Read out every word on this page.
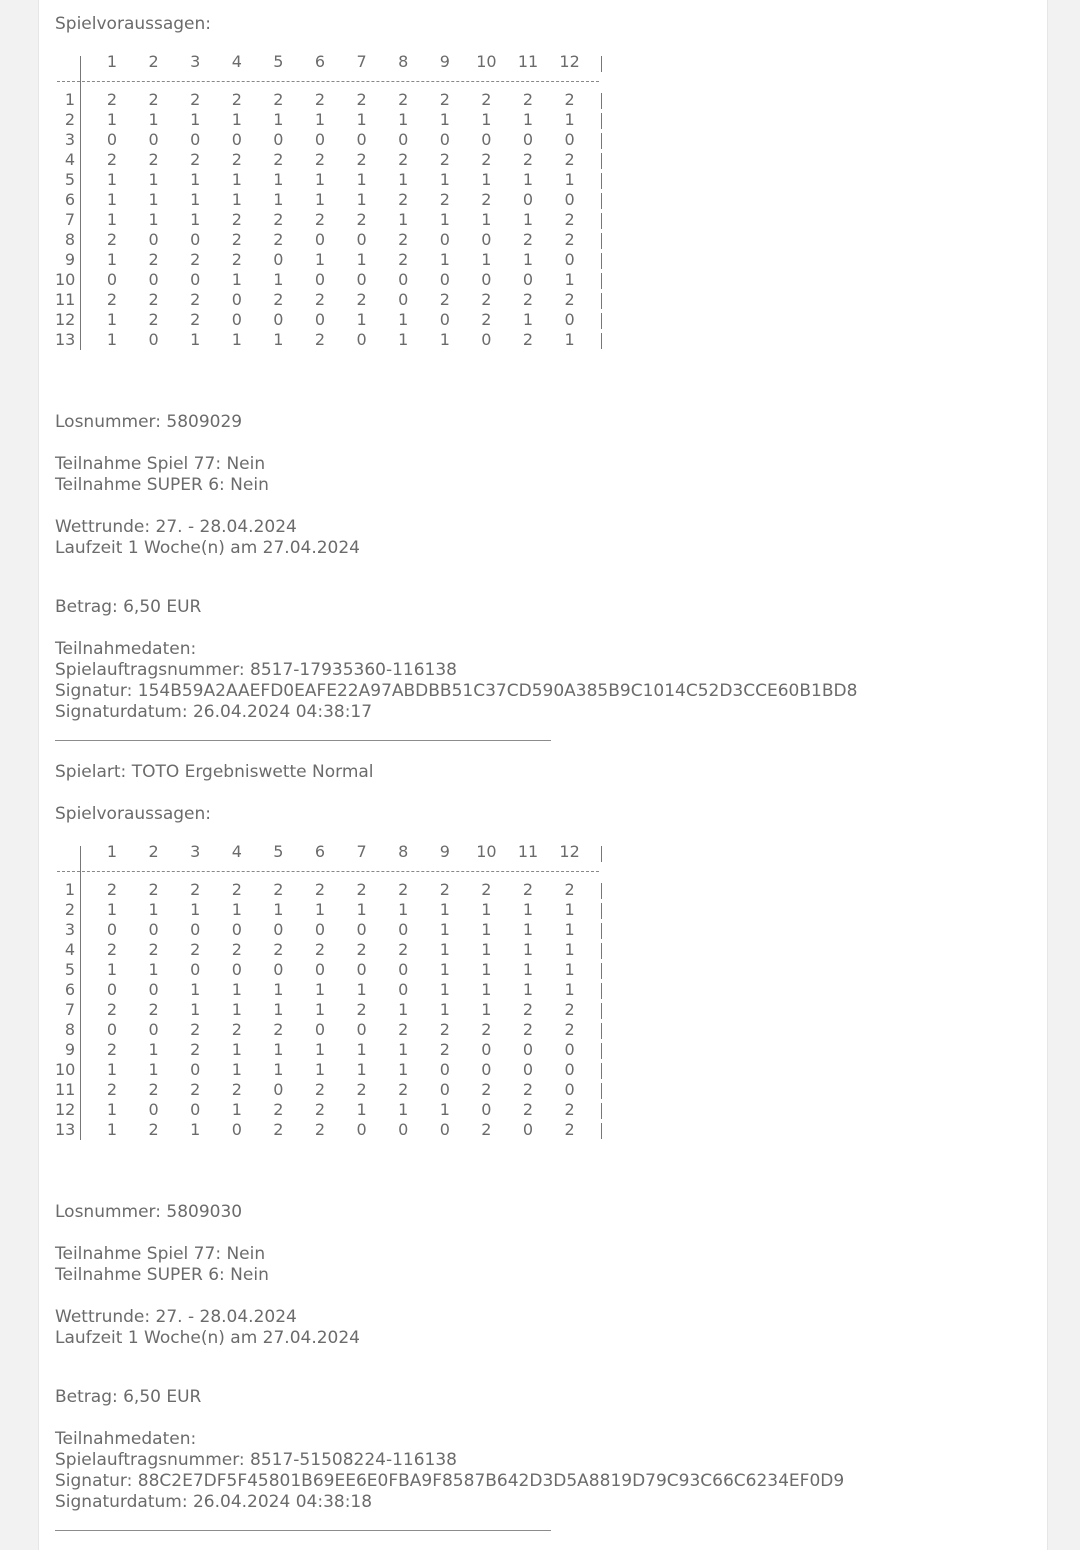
Spielvoraussagen:
1	2	3	4	5	6	7	8	9	10 11 12
1	2	2	2	2	2	2	2	2	2	2	2	2
2	1	1	1	1	1	1	1	1	1	1	1	1
3	0	0	0	0	0	0	0	0	0	0	0	0
4	2	2	2	2	2	2	2	2	2	2	2	2
5	1	1	1	1	1	1	1	1	1	1	1	1
6	1	1	1	1	1	1	1	2	2	2	0	0
7	1	1	1	2	2	2	2	1	1	1	1	2
8	2	0	0	2	2	0	0	2	0	0	2	2
9	1	2	2	2	0	1	1	2	1	1	1	0
10	0	0	0	1	1	0	0	0	0	0	0	1
11	2	2	2	0	2	2	2	0	2	2	2	2
12	1	2	2	0	0	0	1	1	0	2	1	0
13	1	0	1	1	1	2	0	1	1	0	2	1
Losnummer: 5809029
Teilnahme Spiel 77: Nein
Teilnahme SUPER 6: Nein
Wettrunde: 27. - 28.04.2024
Laufzeit 1 Woche(n) am 27.04.2024
Betrag: 6,50 EUR
Teilnahmedaten:
Spielauftragsnummer: 8517-17935360-116138
Signatur: 154B59A2AAEFD0EAFE22A97ABDBB51C37CD590A385B9C1014C52D3CCE60B1BD8
Signaturdatum: 26.04.2024 04:38:17
Spielart: TOTO Ergebniswette Normal
Spielvoraussagen:
1	2	3	4	5	6	7	8	9	10 11 12
1	2	2	2	2	2	2	2	2	2	2	2	2
2	1	1	1	1	1	1	1	1	1	1	1	1
3	0	0	0	0	0	0	0	0	1	1	1	1
4	2	2	2	2	2	2	2	2	1	1	1	1
5	1	1	0	0	0	0	0	0	1	1	1	1
6	0	0	1	1	1	1	1	0	1	1	1	1
7	2	2	1	1	1	1	2	1	1	1	2	2
8	0	0	2	2	2	0	0	2	2	2	2	2
9	2	1	2	1	1	1	1	1	2	0	0	0
10	1	1	0	1	1	1	1	1	0	0	0	0
11	2	2	2	2	0	2	2	2	0	2	2	0
12	1	0	0	1	2	2	1	1	1	0	2	2
13	1	2	1	0	2	2	0	0	0	2	0	2
Losnummer: 5809030
Teilnahme Spiel 77: Nein
Teilnahme SUPER 6: Nein
Wettrunde: 27. - 28.04.2024
Laufzeit 1 Woche(n) am 27.04.2024
Betrag: 6,50 EUR
Teilnahmedaten:
Spielauftragsnummer: 8517-51508224-116138
Signatur: 88C2E7DF5F45801B69EE6E0FBA9F8587B642D3D5A8819D79C93C66C6234EF0D9
Signaturdatum: 26.04.2024 04:38:18
